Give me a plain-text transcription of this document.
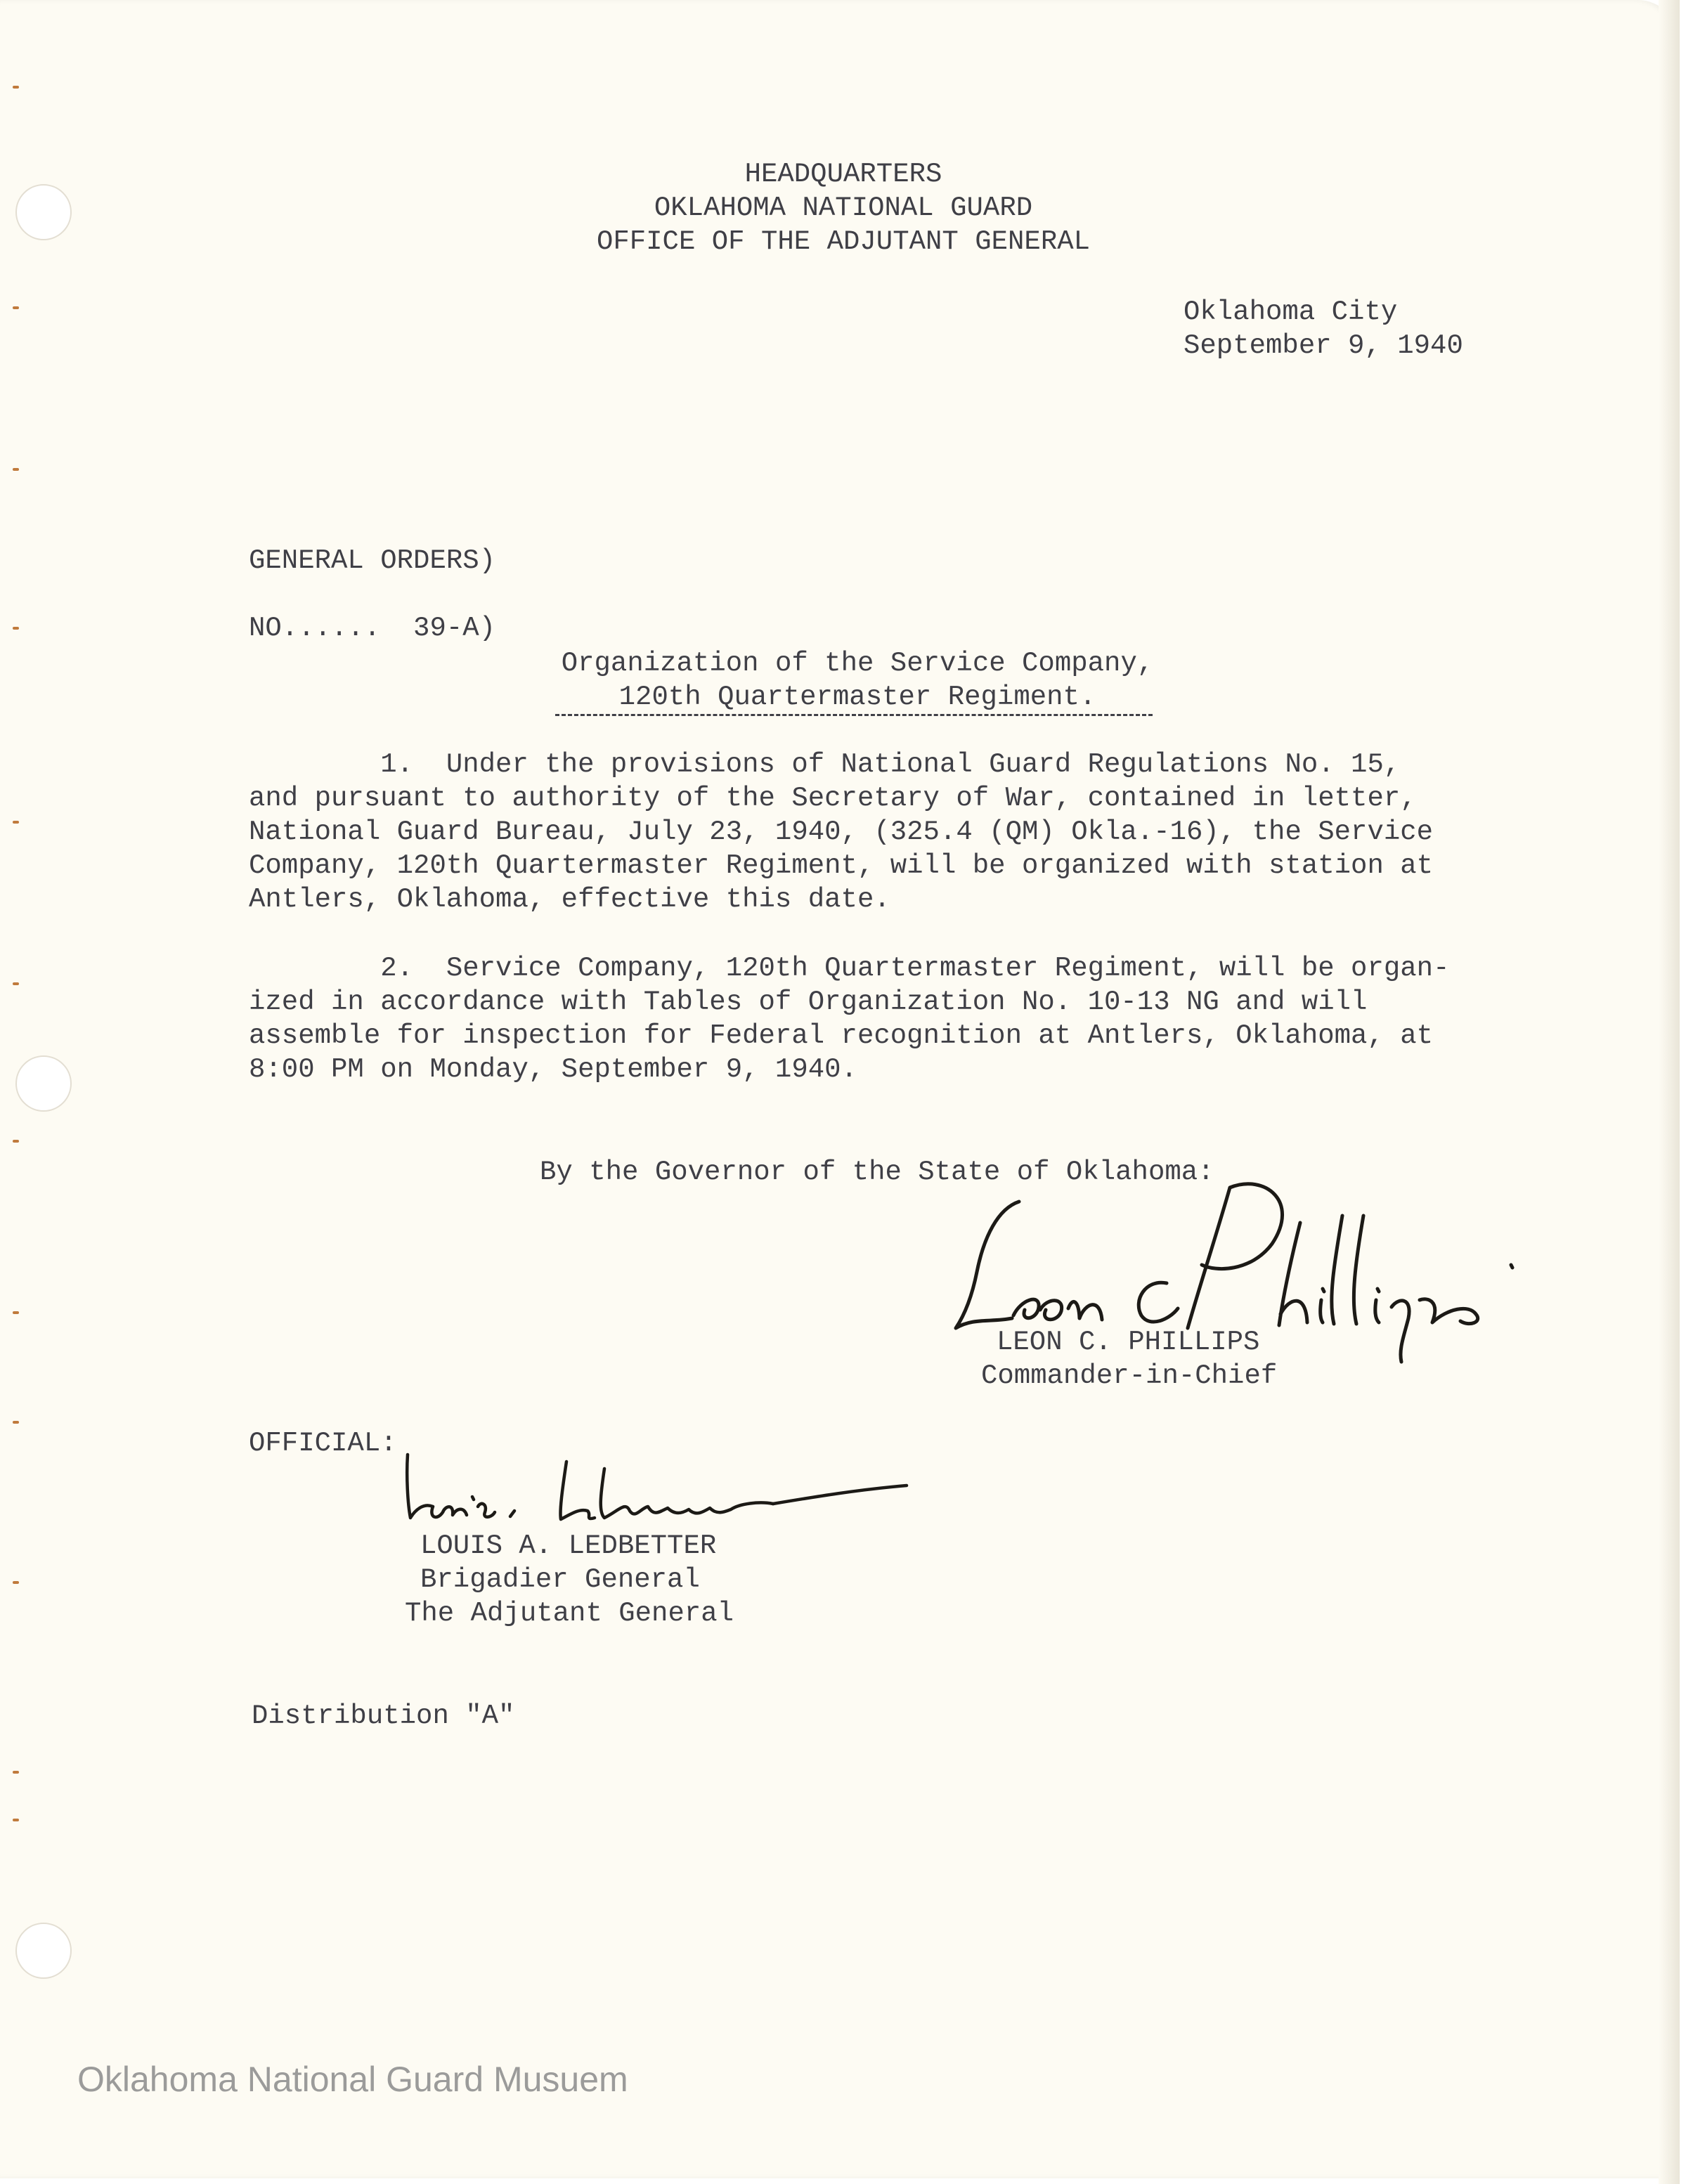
HEADQUARTERS
OKLAHOMA NATIONAL GUARD
OFFICE OF THE ADJUTANT GENERAL
Oklahoma City
September 9, 1940
GENERAL ORDERS)
NO......  39-A)
Organization of the Service Company,
120th Quartermaster Regiment.
1.  Under the provisions of National Guard Regulations No. 15,
and pursuant to authority of the Secretary of War, contained in letter,
National Guard Bureau, July 23, 1940, (325.4 (QM) Okla.-16), the Service
Company, 120th Quartermaster Regiment, will be organized with station at
Antlers, Oklahoma, effective this date.
2.  Service Company, 120th Quartermaster Regiment, will be organ-
ized in accordance with Tables of Organization No. 10-13 NG and will
assemble for inspection for Federal recognition at Antlers, Oklahoma, at
8:00 PM on Monday, September 9, 1940.
By the Governor of the State of Oklahoma:
LEON C. PHILLIPS
Commander-in-Chief
OFFICIAL:
LOUIS A. LEDBETTER
Brigadier General
The Adjutant General
Distribution "A"
Oklahoma National Guard Musuem
